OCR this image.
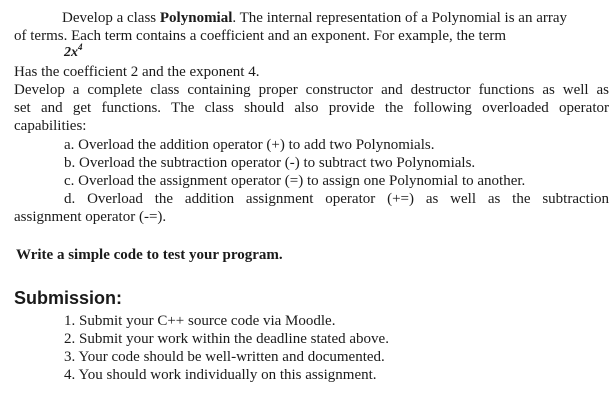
Develop a class Polynomial. The internal representation of a Polynomial is an array
of terms. Each term contains a coefficient and an exponent. For example, the term
$2x^4$
Has the coefficient 2 and the exponent 4.
Develop a complete class containing proper constructor and destructor functions as well as
set and get functions. The class should also provide the following overloaded operator
capabilities:
a. Overload the addition operator (+) to add two Polynomials.
b. Overload the subtraction operator (-) to subtract two Polynomials.
c. Overload the assignment operator (=) to assign one Polynomial to another.
d. Overload the addition assignment operator (+=) as well as the subtraction
assignment operator (-=).
Write a simple code to test your program.
Submission:
1. Submit your C++ source code via Moodle.
2. Submit your work within the deadline stated above.
3. Your code should be well-written and documented.
4. You should work individually on this assignment.
